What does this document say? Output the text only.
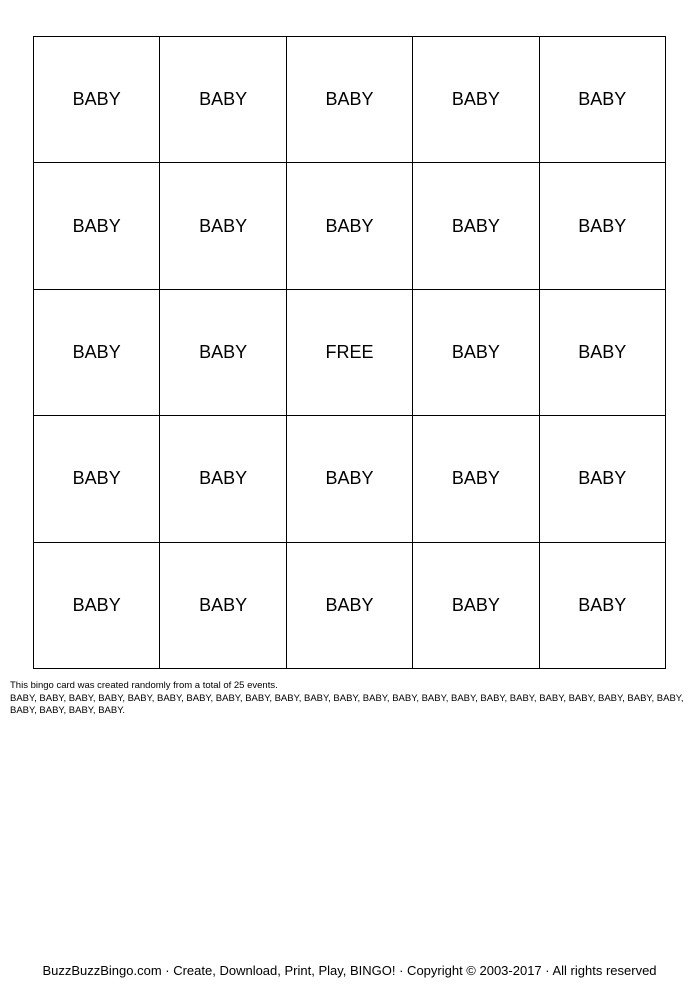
BABY	BABY	BABY	BABY	BABY
BABY	BABY	BABY	BABY	BABY
BABY	BABY	FREE	BABY	BABY
BABY	BABY	BABY	BABY	BABY
BABY	BABY	BABY	BABY	BABY

This bingo card was created randomly from a total of 25 events.

BABY, BABY, BABY, BABY, BABY, BABY, BABY, BABY, BABY, BABY, BABY, BABY, BABY, BABY, BABY, BABY, BABY, BABY, BABY, BABY, BABY, BABY, BABY, BABY, BABY, BABY, BABY.

BuzzBuzzBingo.com · Create, Download, Print, Play, BINGO! · Copyright © 2003-2017 · All rights reserved
